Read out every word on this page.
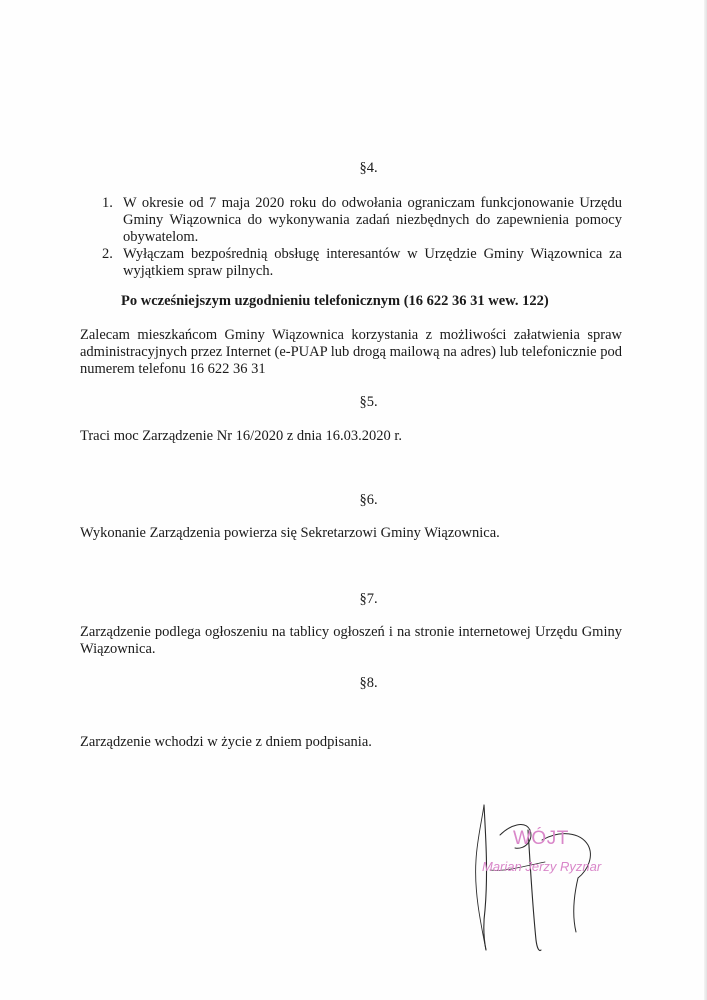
§4.
1. W okresie od 7 maja 2020 roku do odwołania ograniczam funkcjonowanie Urzędu Gminy Wiązownica do wykonywania zadań niezbędnych do zapewnienia pomocy obywatelom.
2. Wyłączam bezpośrednią obsługę interesantów w Urzędzie Gminy Wiązownica za wyjątkiem spraw pilnych.
Po wcześniejszym uzgodnieniu telefonicznym (16 622 36 31 wew. 122)
Zalecam mieszkańcom Gminy Wiązownica korzystania z możliwości załatwienia spraw administracyjnych przez Internet (e-PUAP lub drogą mailową na adres) lub telefonicznie pod numerem telefonu 16 622 36 31
§5.
Traci moc Zarządzenie Nr 16/2020 z dnia 16.03.2020 r.
§6.
Wykonanie Zarządzenia powierza się Sekretarzowi Gminy Wiązownica.
§7.
Zarządzenie podlega ogłoszeniu na tablicy ogłoszeń i na stronie internetowej Urzędu Gminy Wiązownica.
§8.
Zarządzenie wchodzi w życie z dniem podpisania.
WÓJT
Marian Jerzy Ryznar
